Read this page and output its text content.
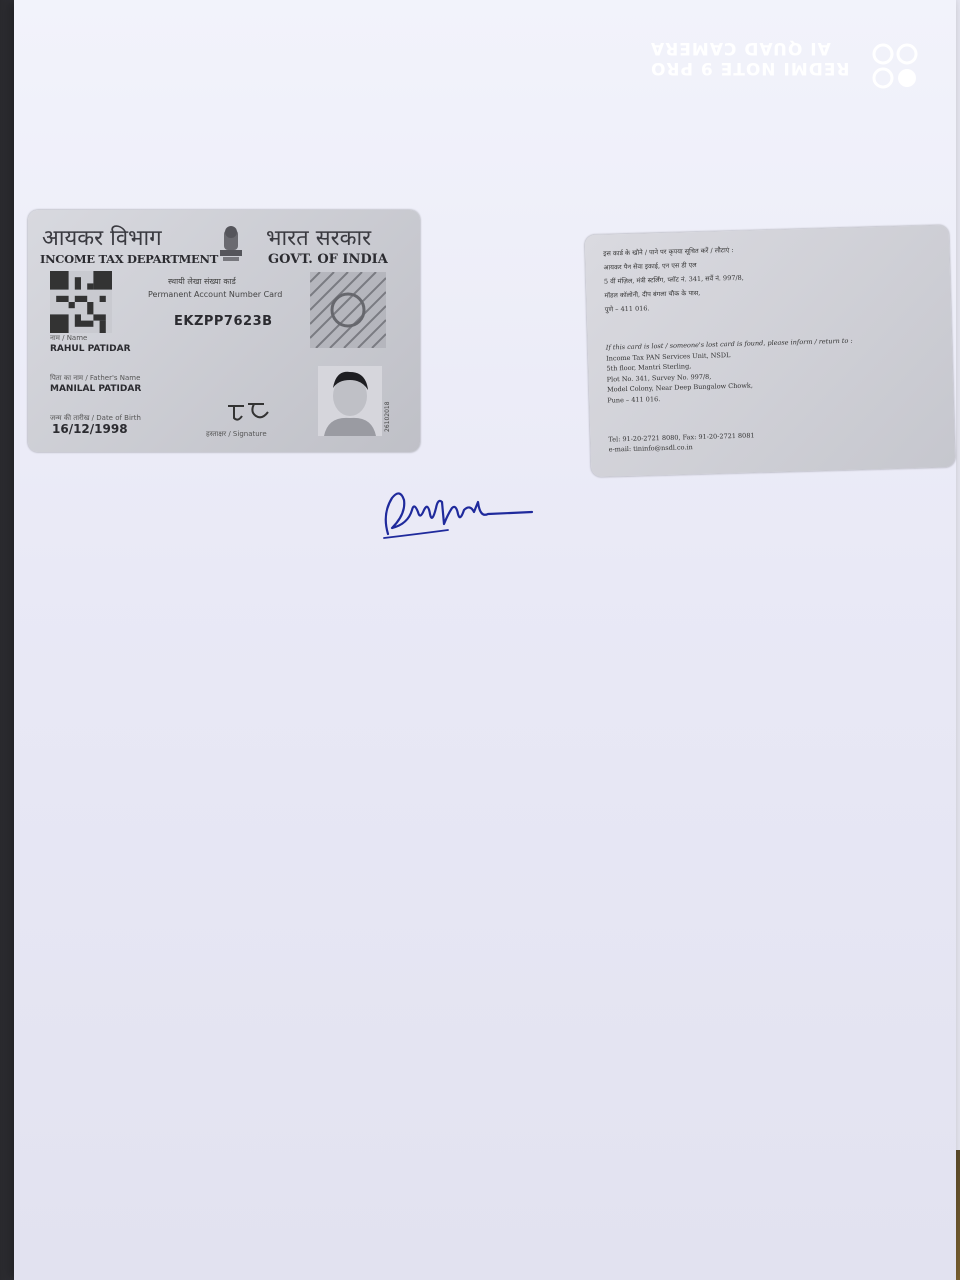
REDMI NOTE 9 PRO
AI QUAD CAMERA
आयकर विभाग	भारत सरकार
INCOME TAX DEPARTMENT	GOVT. OF INDIA
स्थायी लेखा संख्या कार्ड
Permanent Account Number Card
EKZPP7623B
नाम / Name
RAHUL PATIDAR
पिता का नाम / Father's Name
MANILAL PATIDAR
जन्म की तारीख / Date of Birth
16/12/1998	हस्ताक्षर / Signature
26102018
इस कार्ड के खोने / पाने पर कृपया सूचित करें / लौटाएं :
आयकर पैन सेवा इकाई, एन एस डी एल
5 वीं मंज़िल, मंत्री स्टर्लिंग, प्लॉट नं. 341, सर्वे नं. 997/8,
मॉडल कॉलोनी, दीप बंगला चौक के पास,
पुणे – 411 016.
If this card is lost / someone's lost card is found, please inform / return to :
Income Tax PAN Services Unit, NSDL
5th floor, Mantri Sterling,
Plot No. 341, Survey No. 997/8,
Model Colony, Near Deep Bungalow Chowk,
Pune – 411 016.
Tel: 91-20-2721 8080, Fax: 91-20-2721 8081
e-mail: tininfo@nsdl.co.in
